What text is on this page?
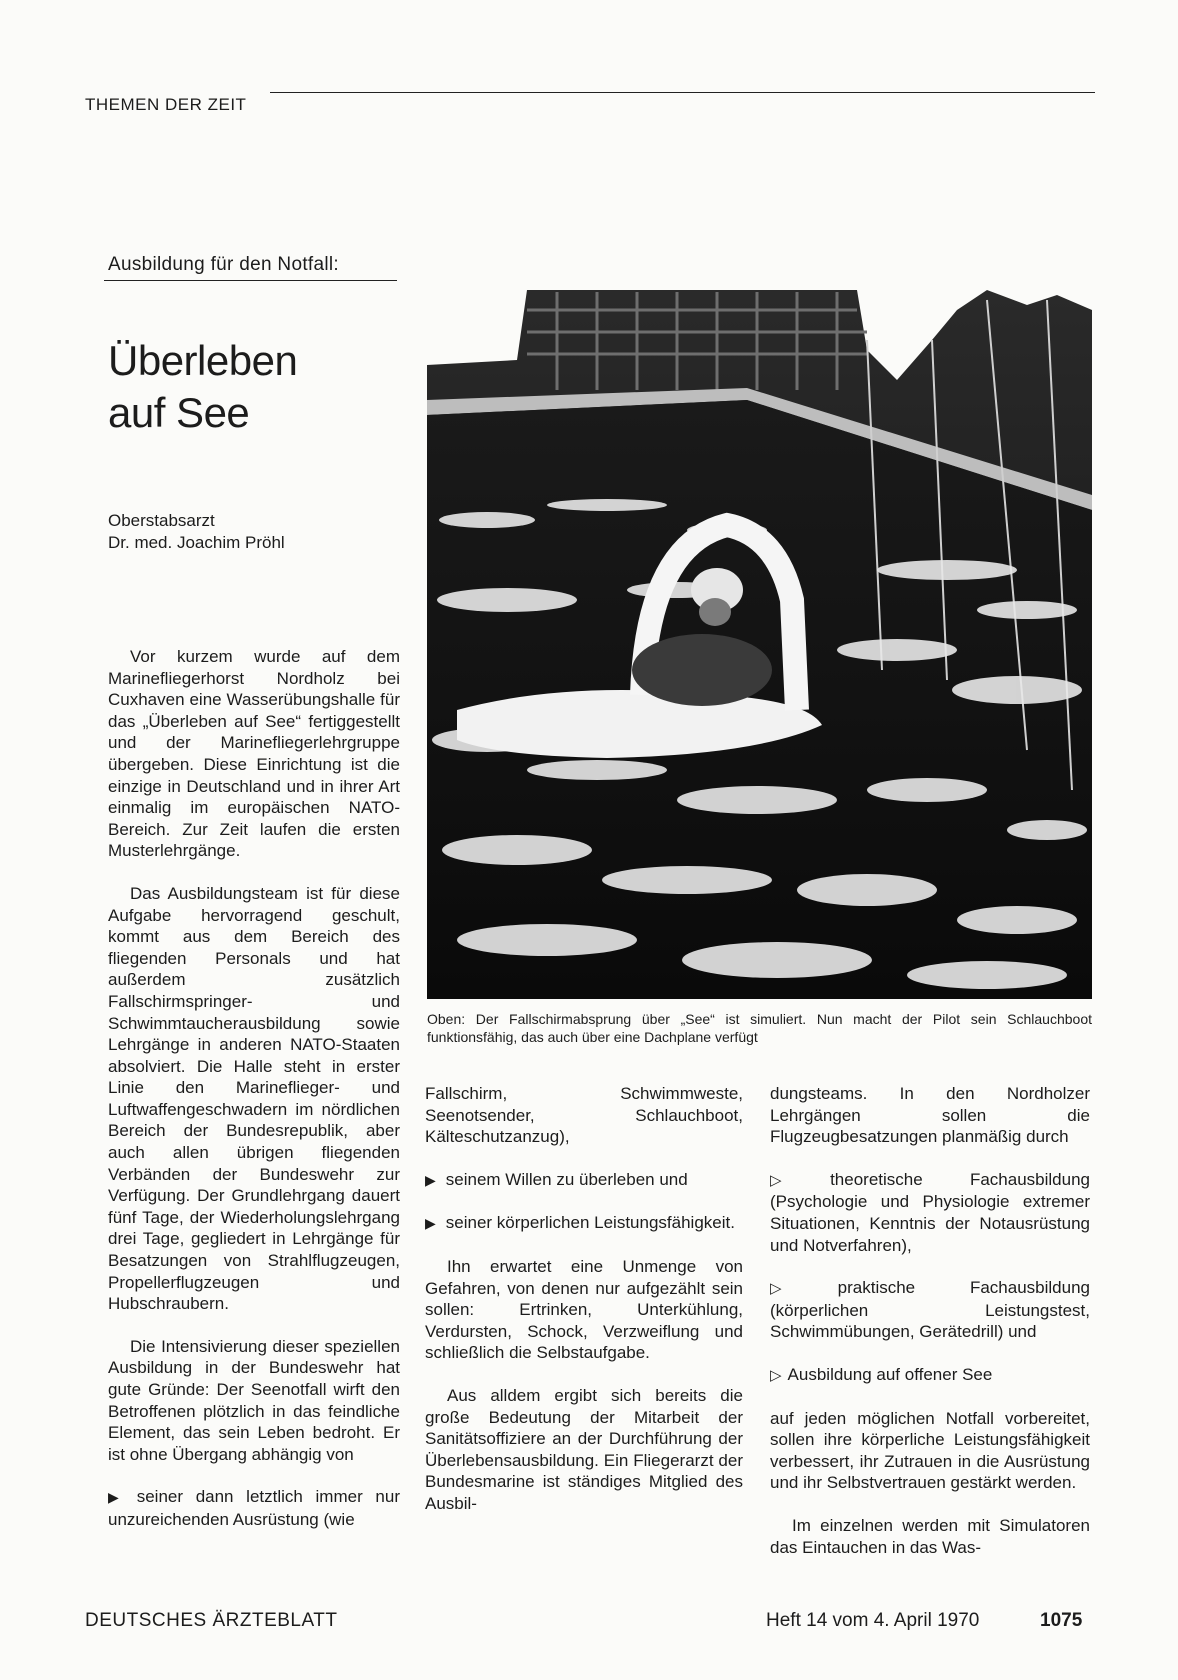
THEMEN DER ZEIT
Ausbildung für den Notfall:
Überleben
auf See
Oberstabsarzt
Dr. med. Joachim Pröhl

Vor kurzem wurde auf dem Marinefliegerhorst Nordholz bei Cuxhaven eine Wasserübungshalle für das „Überleben auf See“ fertiggestellt und der Marinefliegerlehrgruppe übergeben. Diese Einrichtung ist die einzige in Deutschland und in ihrer Art einmalig im europäischen NATO-Bereich. Zur Zeit laufen die ersten Musterlehrgänge.

Das Ausbildungsteam ist für diese Aufgabe hervorragend geschult, kommt aus dem Bereich des fliegenden Personals und hat außerdem zusätzlich Fallschirmspringer- und Schwimmtaucherausbildung sowie Lehrgänge in anderen NATO-Staaten absolviert. Die Halle steht in erster Linie den Marineflieger- und Luftwaffengeschwadern im nördlichen Bereich der Bundesrepublik, aber auch allen übrigen fliegenden Verbänden der Bundeswehr zur Verfügung. Der Grundlehrgang dauert fünf Tage, der Wiederholungslehrgang drei Tage, gegliedert in Lehrgänge für Besatzungen von Strahlflugzeugen, Propellerflugzeugen und Hubschraubern.

Die Intensivierung dieser speziellen Ausbildung in der Bundeswehr hat gute Gründe: Der Seenotfall wirft den Betroffenen plötzlich in das feindliche Element, das sein Leben bedroht. Er ist ohne Übergang abhängig von

▶ seiner dann letztlich immer nur unzureichenden Ausrüstung (wie

Oben: Der Fallschirmabsprung über „See“ ist simuliert. Nun macht der Pilot sein Schlauchboot funktionsfähig, das auch über eine Dachplane verfügt

Fallschirm, Schwimmweste, Seenotsender, Schlauchboot, Kälteschutzanzug),

▶ seinem Willen zu überleben und

▶ seiner körperlichen Leistungsfähigkeit.

Ihn erwartet eine Unmenge von Gefahren, von denen nur aufgezählt sein sollen: Ertrinken, Unterkühlung, Verdursten, Schock, Verzweiflung und schließlich die Selbstaufgabe.

Aus alldem ergibt sich bereits die große Bedeutung der Mitarbeit der Sanitätsoffiziere an der Durchführung der Überlebensausbildung. Ein Fliegerarzt der Bundesmarine ist ständiges Mitglied des Ausbil-

dungsteams. In den Nordholzer Lehrgängen sollen die Flugzeugbesatzungen planmäßig durch

▷ theoretische Fachausbildung (Psychologie und Physiologie extremer Situationen, Kenntnis der Notausrüstung und Notverfahren),

▷ praktische Fachausbildung (körperlichen Leistungstest, Schwimmübungen, Gerätedrill) und

▷ Ausbildung auf offener See

auf jeden möglichen Notfall vorbereitet, sollen ihre körperliche Leistungsfähigkeit verbessert, ihr Zutrauen in die Ausrüstung und ihr Selbstvertrauen gestärkt werden.

Im einzelnen werden mit Simulatoren das Eintauchen in das Was-

DEUTSCHES ÄRZTEBLATT	Heft 14 vom 4. April 1970	1075
